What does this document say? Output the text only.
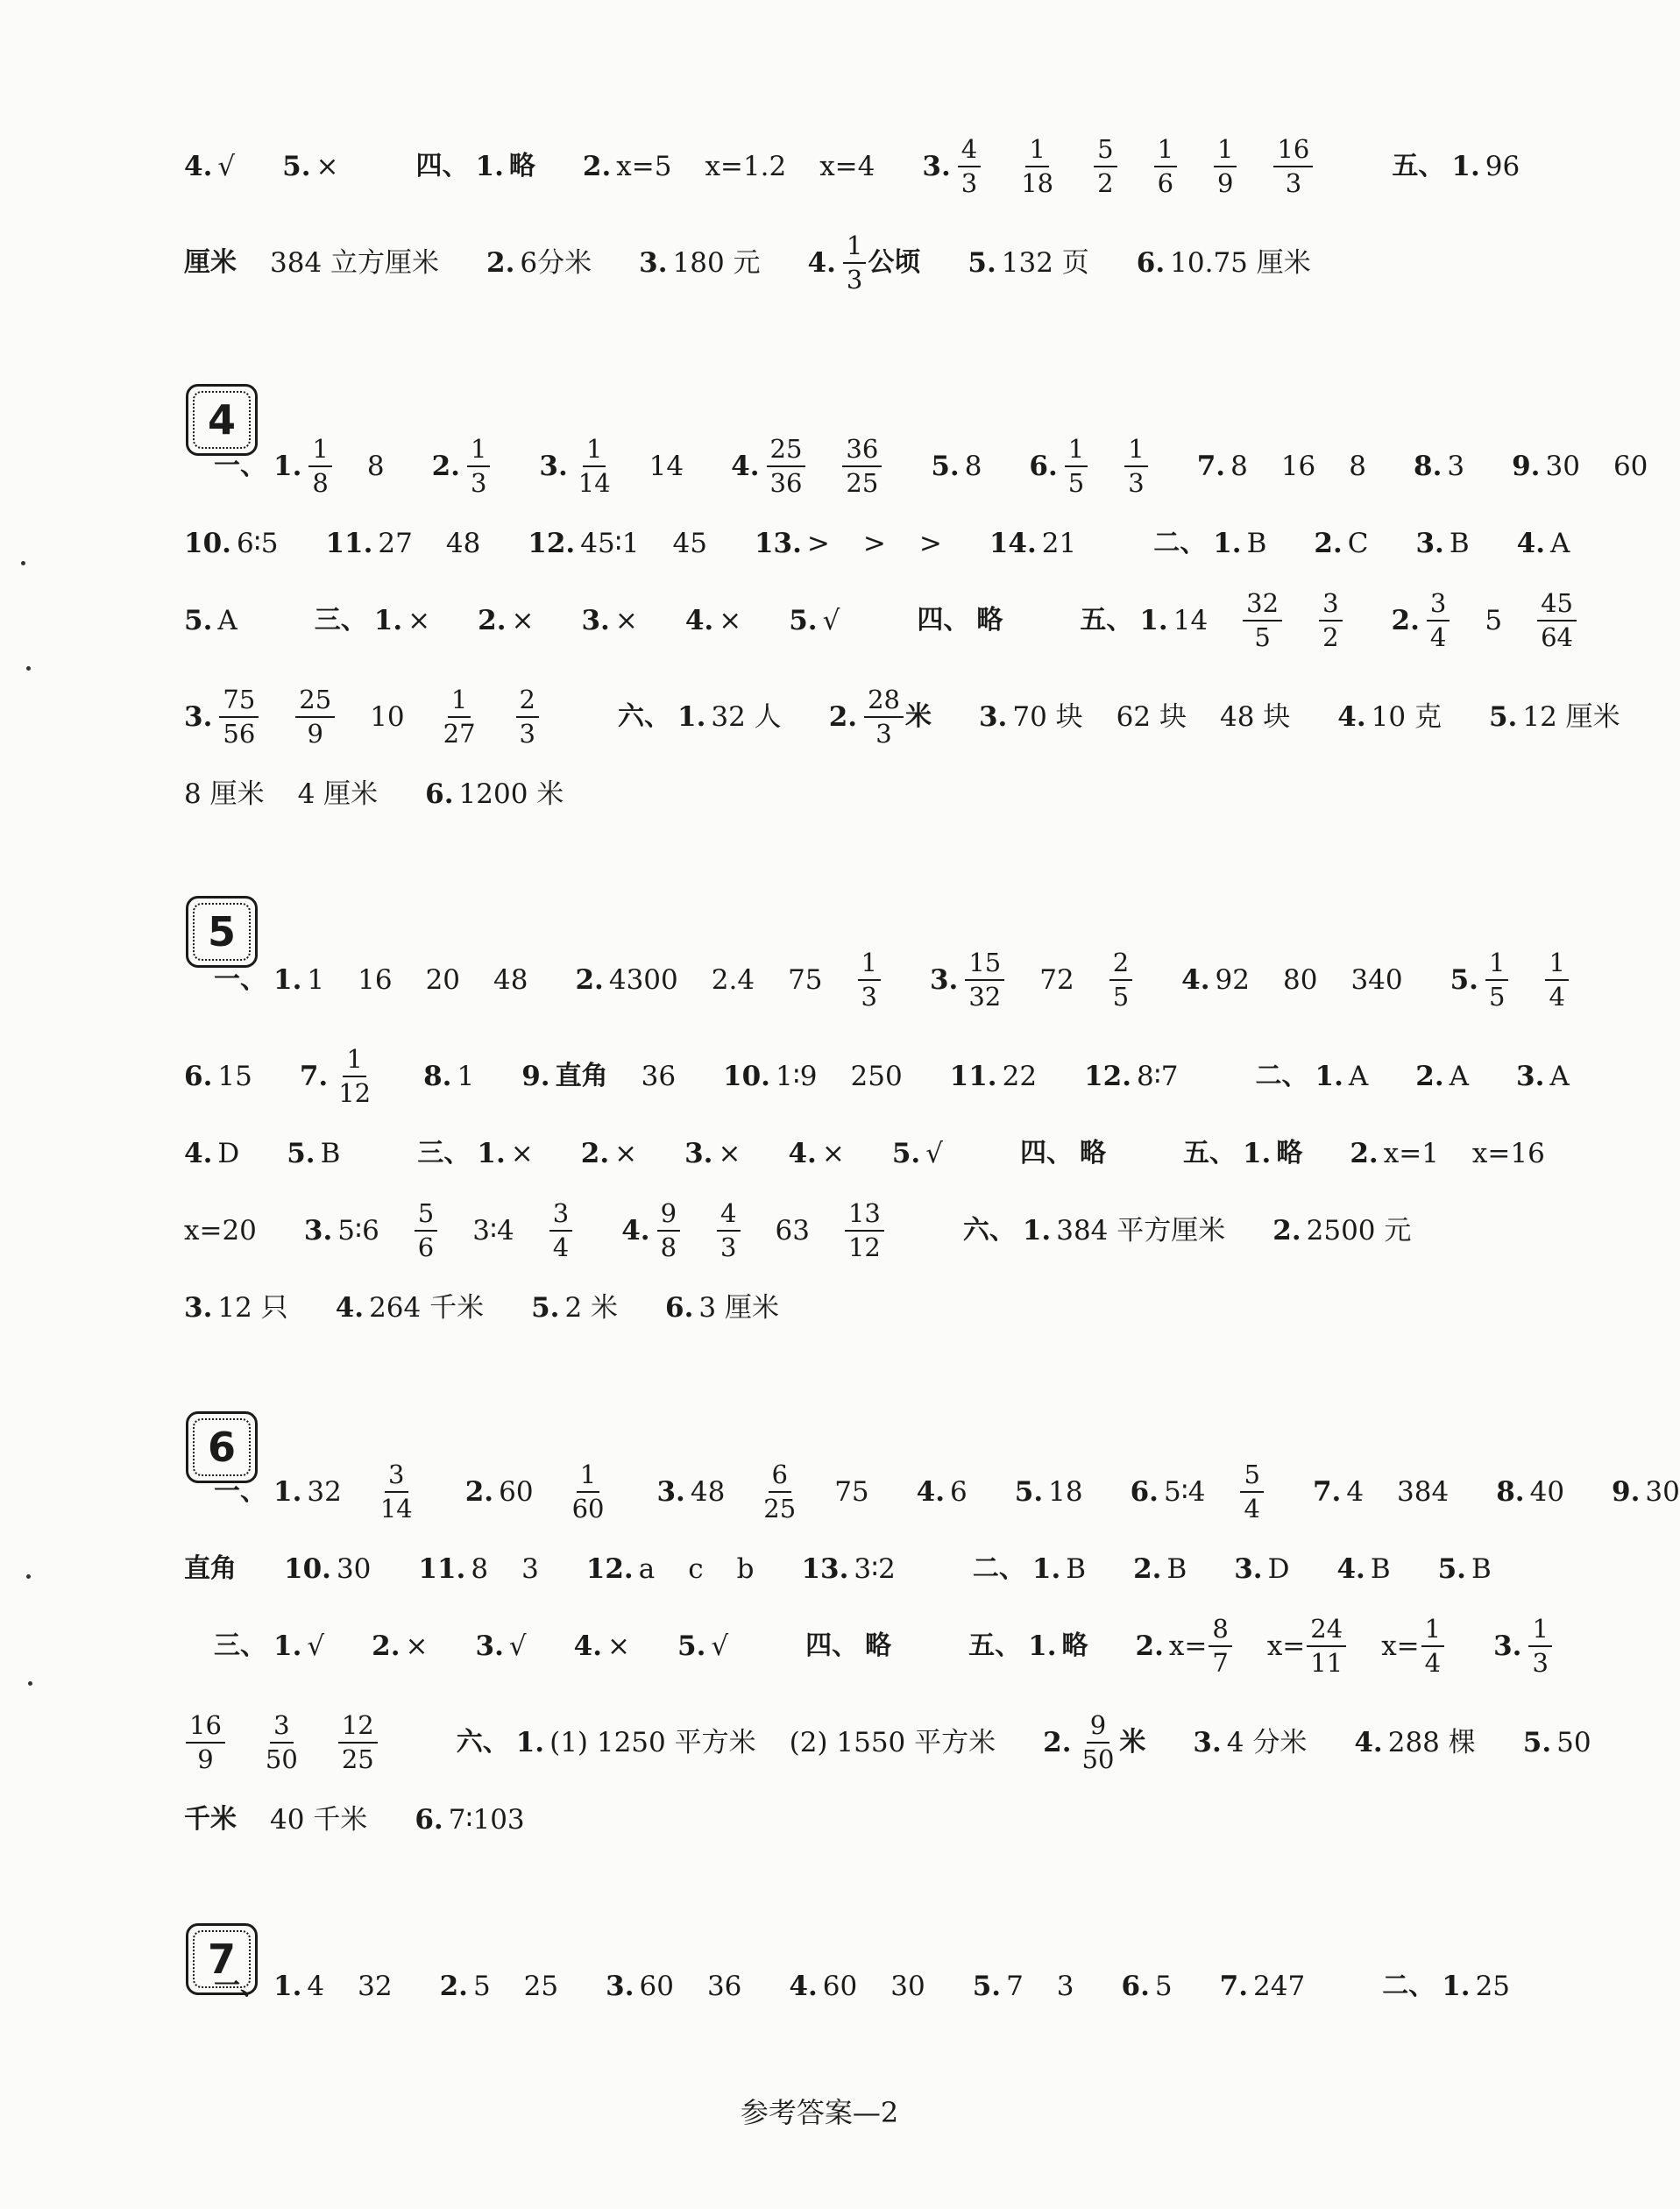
4
5
6
7
4. √ 5. ×	四、 1. 略 2. x=5 x=1.2 x=4 3. $\frac{4}{3} \frac{1}{18} \frac{5}{2} \frac{1}{6} \frac{1}{9} \frac{16}{3}$	五、 1. 96
厘米 384 立方厘米 2. 6分米 3. 180 元 4. $\frac{1}{3}$ 公顷 5. 132 页 6. 10.75 厘米
一、 1. $\frac{1}{8} 8$ 2. $\frac{1}{3} 3$. $\frac{1}{14} 14$ 4. $\frac{25}{36} \frac{36}{25} 5$. 8 6. $\frac{1}{5} \frac{1}{3} 7$. 8 16 8 8. 3 9. 30 60
10. 6∶5 11. 27 48 12. 45∶1 45 13. > > > 14. 21	二、 1. B 2. C 3. B 4. A
5. A	三、 1. × 2. × 3. × 4. × 5. √	四、 略	五、 1. $14 \frac{32}{5} \frac{3}{2} 2$. $\frac{3}{4} 5 \frac{45}{64}$
3. $\frac{75}{56} \frac{25}{9} 10 \frac{1}{27} \frac{2}{3}$	六、 1. 32 人 2. $\frac{28}{3}$ 米 3. 70 块 62 块 48 块 4. 10 克 5. 12 厘米
8 厘米 4 厘米 6. 1200 米
一、 1. 1 16 20 48 2. 4300 2.4 $75 \frac{1}{3} 3$. $\frac{15}{32} 72 \frac{2}{5} 4$. 92 80 340 5. $\frac{1}{5} \frac{1}{4}$
6. 15 7. $\frac{1}{12} 8$. 1 9. 直角 36 10. 1∶9 250 11. 22 12. 8∶7	二、 1. A 2. A 3. A
4. D 5. B	三、 1. × 2. × 3. × 4. × 5. √	四、 略	五、 1. 略 2. x=1 x=16
x=20 3. 5∶6 $\frac{5}{6}$ 3∶4 $\frac{3}{4} 4$. $\frac{9}{8} \frac{4}{3} 63 \frac{13}{12}$	六、 1. 384 平方厘米 2. 2500 元
3. 12 只 4. 264 千米 5. 2 米 6. 3 厘米
一、 1. $32 \frac{3}{14} 2$. $60 \frac{1}{60} 3$. $48 \frac{6}{25} 75$ 4. 6 5. 18 6. 5∶4 $\frac{5}{4} 7$. 4 384 8. 40 9. 30
直角 10. 30 11. 8 3 12. a c b 13. 3∶2	二、 1. B 2. B 3. D 4. B 5. B
三、 1. √ 2. × 3. √ 4. × 5. √	四、 略	五、 1. 略 2. $x= \frac{8}{7} x= \frac{24}{11} x= \frac{1}{4} 3$. $\frac{1}{3}$
$\frac{16}{9} \frac{3}{50} \frac{12}{25}$	六、 1. (1) 1250 平方米 (2) 1550 平方米 2. $\frac{9}{50}$ 米 3. 4 分米 4. 288 棵 5. 50
千米 40 千米 6. 7∶103
一、 1. 4 32 2. 5 25 3. 60 36 4. 60 30 5. 7 3 6. 5 7. 247	二、 1. 25
参考答案—2
